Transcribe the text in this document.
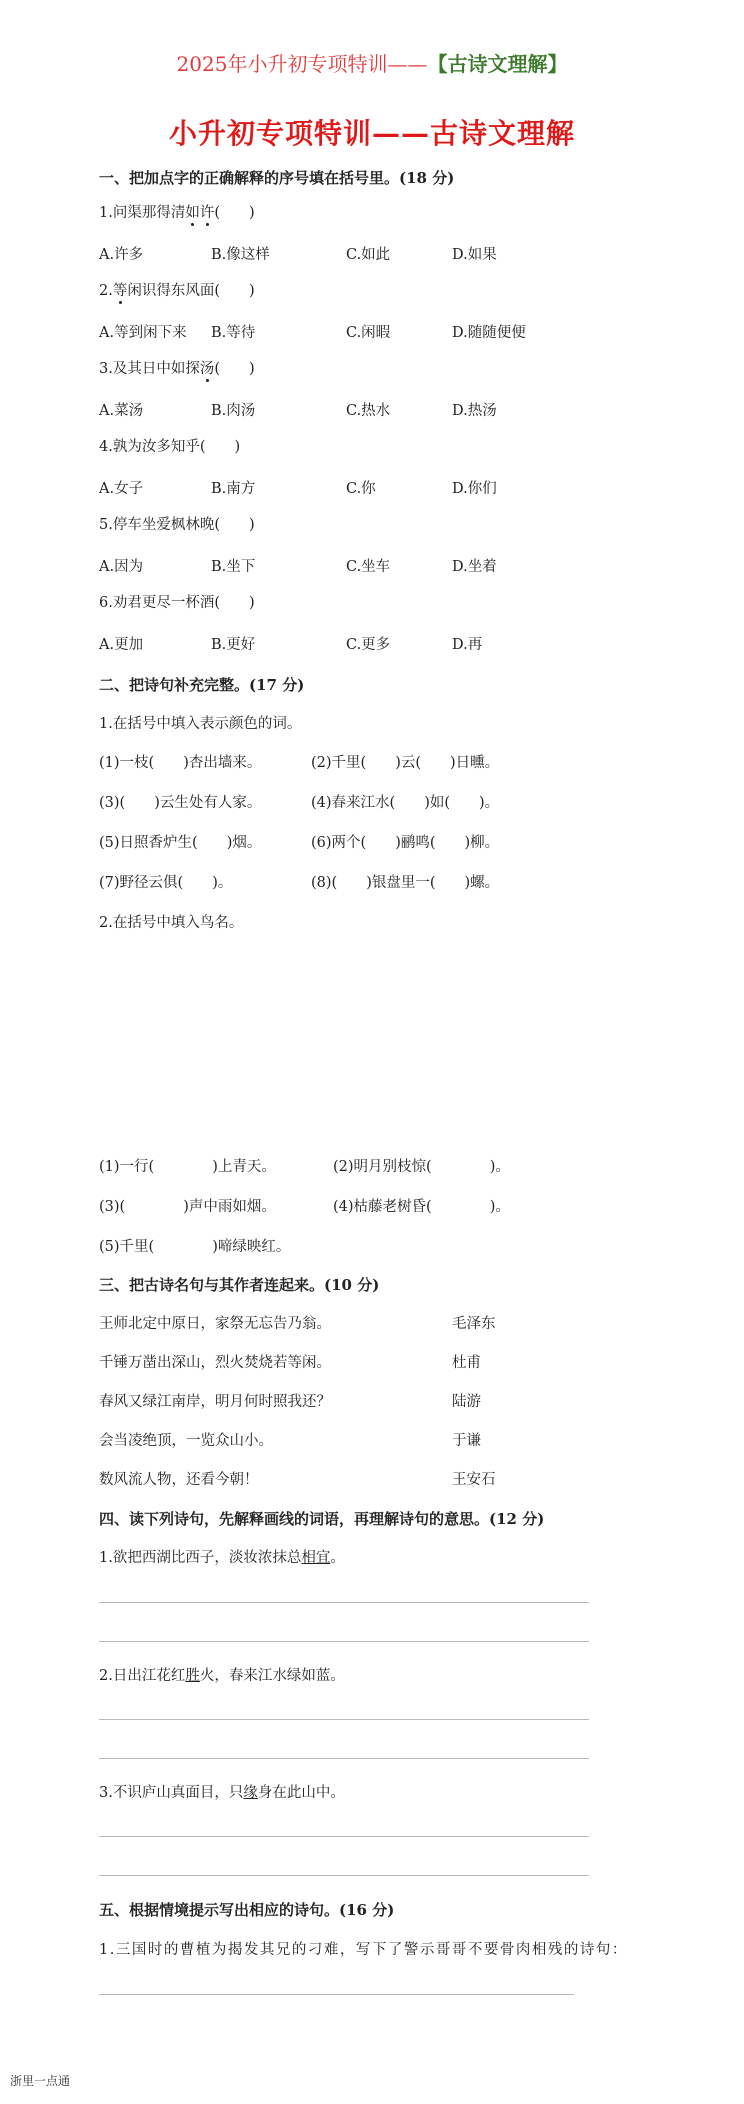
2025年小升初专项特训——【古诗文理解】
小升初专项特训——古诗文理解
一、把加点字的正确解释的序号填在括号里。(18 分)
1.问渠那得清如许(　　)
A.许多	B.像这样	C.如此	D.如果
2.等闲识得东风面(　　)
A.等到闲下来 B.等待	C.闲暇	D.随随便便
3.及其日中如探汤(　　)
A.菜汤	B.肉汤	C.热水	D.热汤
4.孰为汝多知乎(　　)
A.女子	B.南方	C.你	D.你们
5.停车坐爱枫林晚(　　)
A.因为	B.坐下	C.坐车	D.坐着
6.劝君更尽一杯酒(　　)
A.更加	B.更好	C.更多	D.再
二、把诗句补充完整。(17 分)
1.在括号中填入表示颜色的词。
(1)一枝(　　)杏出墙来。	(2)千里(　　)云(　　)日曛。
(3)(　　)云生处有人家。	(4)春来江水(　　)如(　　)。
(5)日照香炉生(　　)烟。	(6)两个(　　)鹂鸣(　　)柳。
(7)野径云俱(　　)。	(8)(　　)银盘里一(　　)螺。
2.在括号中填入鸟名。
(1)一行(　　　　)上青天。	(2)明月别枝惊(　　　　)。
(3)(　　　　)声中雨如烟。	(4)枯藤老树昏(　　　　)。
(5)千里(　　　　)啼绿映红。
三、把古诗名句与其作者连起来。(10 分)
王师北定中原日，家祭无忘告乃翁。	毛泽东
千锤万凿出深山，烈火焚烧若等闲。	杜甫
春风又绿江南岸，明月何时照我还？	陆游
会当凌绝顶，一览众山小。	于谦
数风流人物，还看今朝！	王安石
四、读下列诗句，先解释画线的词语，再理解诗句的意思。(12 分)
1.欲把西湖比西子，淡妆浓抹总相宜。
2.日出江花红胜火，春来江水绿如蓝。
3.不识庐山真面目，只缘身在此山中。
五、根据情境提示写出相应的诗句。(16 分)
1.三国时的曹植为揭发其兄的刁难，写下了警示哥哥不要骨肉相残的诗句：
浙里一点通
